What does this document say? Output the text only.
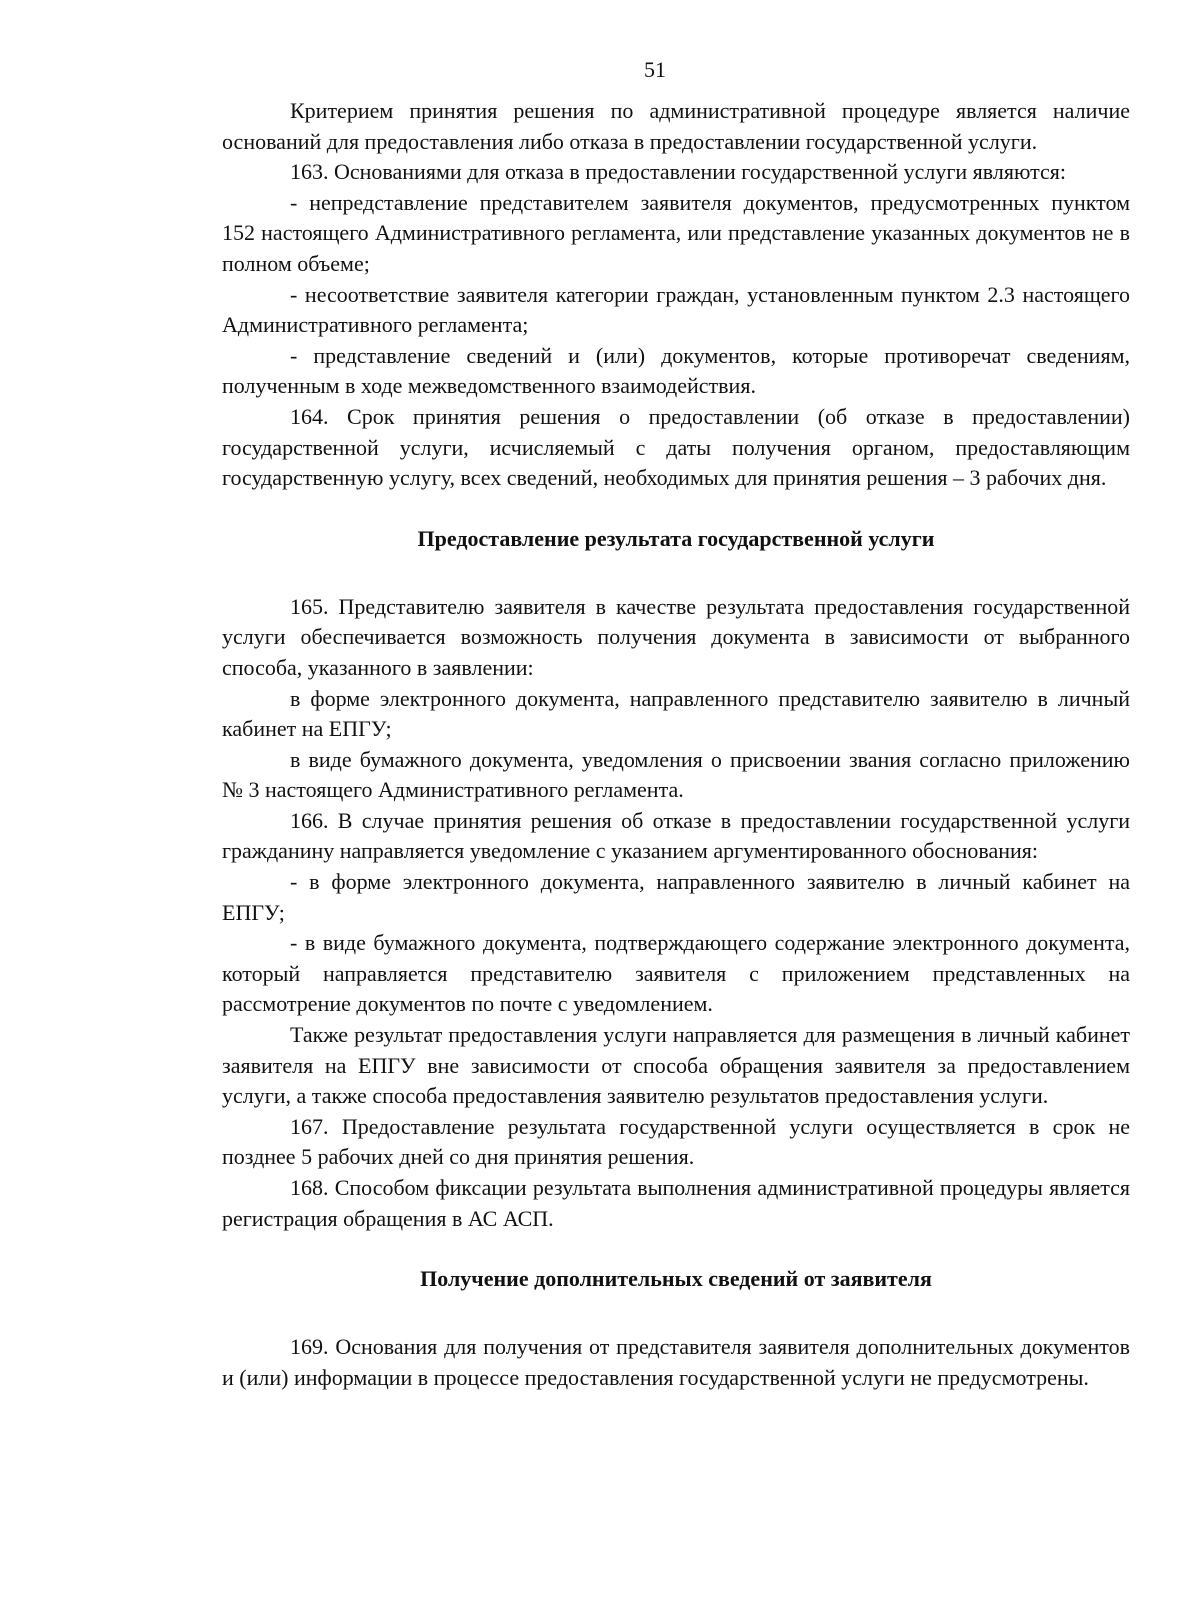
51

Критерием принятия решения по административной процедуре является наличие оснований для предоставления либо отказа в предоставлении государственной услуги.

163. Основаниями для отказа в предоставлении государственной услуги являются:

- непредставление представителем заявителя документов, предусмотренных пунктом 152 настоящего Административного регламента, или представление указанных документов не в полном объеме;

- несоответствие заявителя категории граждан, установленным пунктом 2.3 настоящего Административного регламента;

- представление сведений и (или) документов, которые противоречат сведениям, полученным в ходе межведомственного взаимодействия.

164. Срок принятия решения о предоставлении (об отказе в предоставлении) государственной услуги, исчисляемый с даты получения органом, предоставляющим государственную услугу, всех сведений, необходимых для принятия решения – 3 рабочих дня.

Предоставление результата государственной услуги

165. Представителю заявителя в качестве результата предоставления государственной услуги обеспечивается возможность получения документа в зависимости от выбранного способа, указанного в заявлении:

в форме электронного документа, направленного представителю заявителю в личный кабинет на ЕПГУ;

в виде бумажного документа, уведомления о присвоении звания согласно приложению № 3 настоящего Административного регламента.

166. В случае принятия решения об отказе в предоставлении государственной услуги гражданину направляется уведомление с указанием аргументированного обоснования:

- в форме электронного документа, направленного заявителю в личный кабинет на ЕПГУ;

- в виде бумажного документа, подтверждающего содержание электронного документа, который направляется представителю заявителя с приложением представленных на рассмотрение документов по почте с уведомлением.

Также результат предоставления услуги направляется для размещения в личный кабинет заявителя на ЕПГУ вне зависимости от способа обращения заявителя за предоставлением услуги, а также способа предоставления заявителю результатов предоставления услуги.

167. Предоставление результата государственной услуги осуществляется в срок не позднее 5 рабочих дней со дня принятия решения.

168. Способом фиксации результата выполнения административной процедуры является регистрация обращения в АС АСП.

Получение дополнительных сведений от заявителя

169. Основания для получения от представителя заявителя дополнительных документов и (или) информации в процессе предоставления государственной услуги не предусмотрены.
